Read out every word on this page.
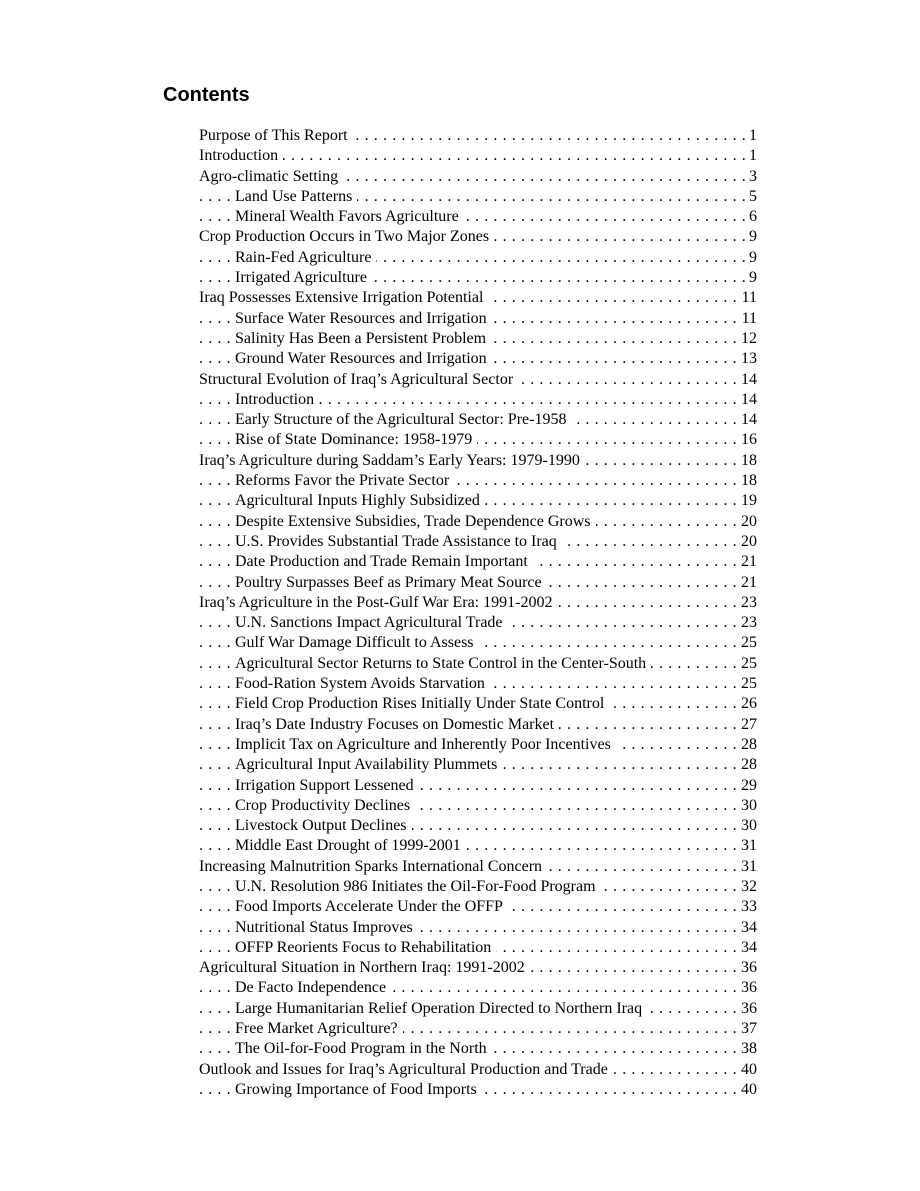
Contents
Purpose of This Report	1
. . .
Introduction	1
. . .
Agro-climatic Setting	3
. . .
Land Use Patterns	5
. . .
Mineral Wealth Favors Agriculture	6
. . .
Crop Production Occurs in Two Major Zones	9
. . .
Rain-Fed Agriculture	9
. . .
Irrigated Agriculture	9
. . .
Iraq Possesses Extensive Irrigation Potential	11
. . .
Surface Water Resources and Irrigation	11
. . .
Salinity Has Been a Persistent Problem	12
. . .
Ground Water Resources and Irrigation	13
. . .
Structural Evolution of Iraq’s Agricultural Sector	14
. . .
Introduction	14
. . .
Early Structure of the Agricultural Sector: Pre-1958	14
. . .
Rise of State Dominance: 1958-1979	16
. . .
Iraq’s Agriculture during Saddam’s Early Years: 1979-1990	18
. . .
Reforms Favor the Private Sector	18
. . .
Agricultural Inputs Highly Subsidized	19
. . .
Despite Extensive Subsidies, Trade Dependence Grows	20
. . .
U.S. Provides Substantial Trade Assistance to Iraq	20
. . .
Date Production and Trade Remain Important	21
. . .
Poultry Surpasses Beef as Primary Meat Source	21
. . .
Iraq’s Agriculture in the Post-Gulf War Era: 1991-2002	23
. . .
U.N. Sanctions Impact Agricultural Trade	23
. . .
Gulf War Damage Difficult to Assess	25
. . .
Agricultural Sector Returns to State Control in the Center-South	25
. . .
Food-Ration System Avoids Starvation	25
. . .
Field Crop Production Rises Initially Under State Control	26
. . .
Iraq’s Date Industry Focuses on Domestic Market	27
. . .
Implicit Tax on Agriculture and Inherently Poor Incentives	28
. . .
Agricultural Input Availability Plummets	28
. . .
Irrigation Support Lessened	29
. . .
Crop Productivity Declines	30
. . .
Livestock Output Declines	30
. . .
Middle East Drought of 1999-2001	31
. . .
Increasing Malnutrition Sparks International Concern	31
. . .
U.N. Resolution 986 Initiates the Oil-For-Food Program	32
. . .
Food Imports Accelerate Under the OFFP	33
. . .
Nutritional Status Improves	34
. . .
OFFP Reorients Focus to Rehabilitation	34
. . .
Agricultural Situation in Northern Iraq: 1991-2002	36
. . .
De Facto Independence	36
. . .
Large Humanitarian Relief Operation Directed to Northern Iraq	36
. . .
Free Market Agriculture?	37
. . .
The Oil-for-Food Program in the North	38
. . .
Outlook and Issues for Iraq’s Agricultural Production and Trade	40
. . .
Growing Importance of Food Imports	40
. . .
